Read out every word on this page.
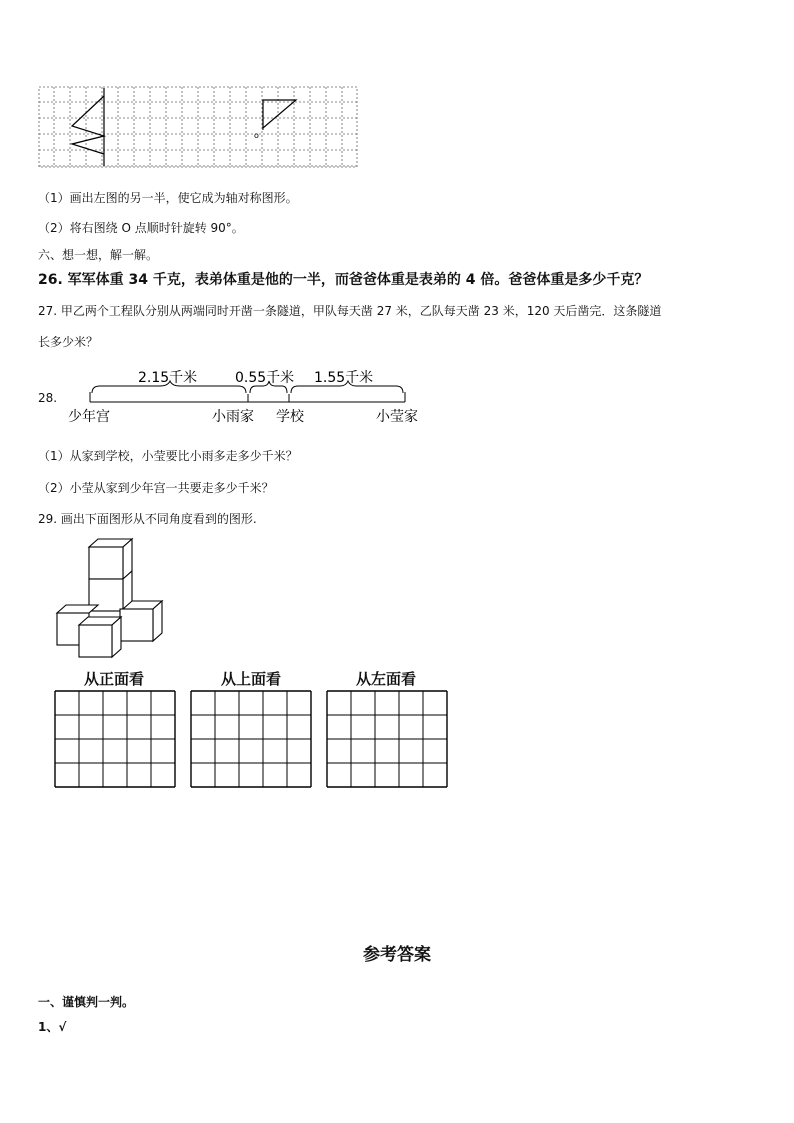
o
（1）画出左图的另一半，使它成为轴对称图形。
（2）将右图绕 O 点顺时针旋转 90°。
六、想一想，解一解。
26. 军军体重 34 千克，表弟体重是他的一半，而爸爸体重是表弟的 4 倍。爸爸体重是多少千克？
27. 甲乙两个工程队分别从两端同时开凿一条隧道，甲队每天凿 27 米，乙队每天凿 23 米，120 天后凿完．这条隧道
长多少米？
28.
2.15千米	0.55千米 1.55千米
少年宫	小雨家 学校	小莹家
（1）从家到学校，小莹要比小雨多走多少千米？
（2）小莹从家到少年宫一共要走多少千米？
29. 画出下面图形从不同角度看到的图形.
从正面看	从上面看	从左面看
参考答案
一、谨慎判一判。
1、√
